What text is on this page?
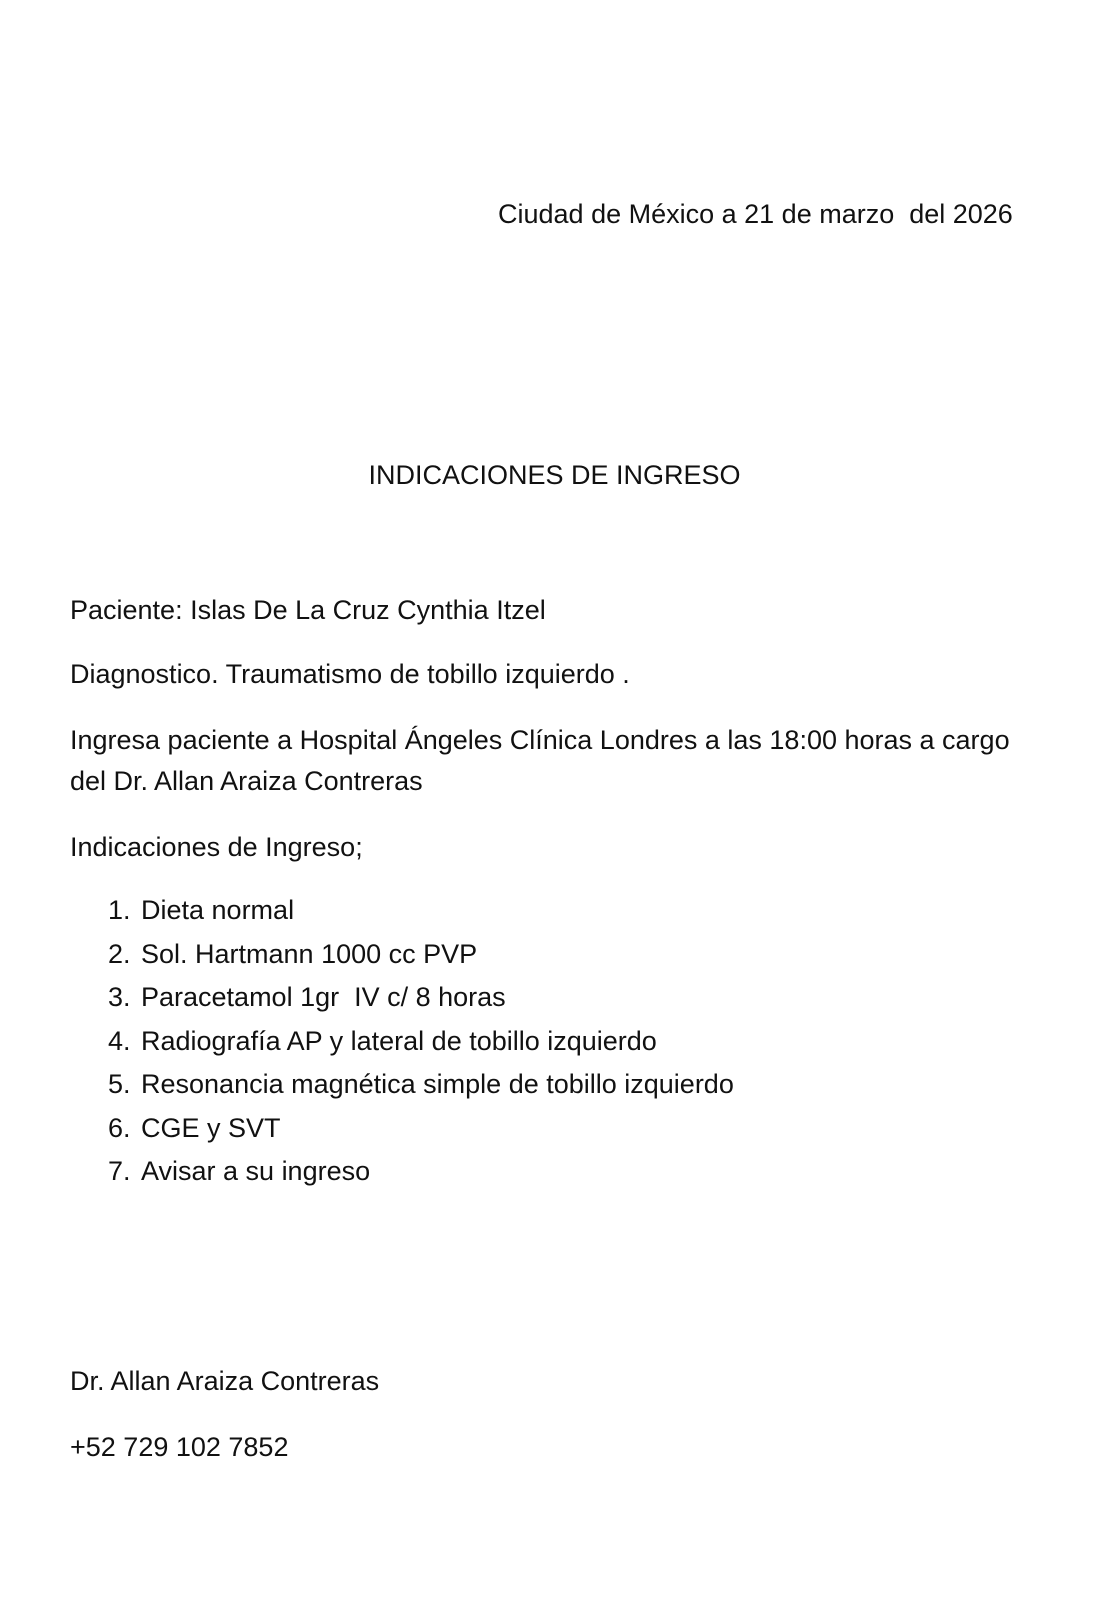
Ciudad de México a 21 de marzo  del 2026
INDICACIONES DE INGRESO
Paciente: Islas De La Cruz Cynthia Itzel
Diagnostico. Traumatismo de tobillo izquierdo .
Ingresa paciente a Hospital Ángeles Clínica Londres a las 18:00 horas a cargo del Dr. Allan Araiza Contreras
Indicaciones de Ingreso;
1. Dieta normal
2. Sol. Hartmann 1000 cc PVP
3. Paracetamol 1gr  IV c/ 8 horas
4. Radiografía AP y lateral de tobillo izquierdo
5. Resonancia magnética simple de tobillo izquierdo
6. CGE y SVT
7. Avisar a su ingreso
Dr. Allan Araiza Contreras
+52 729 102 7852
